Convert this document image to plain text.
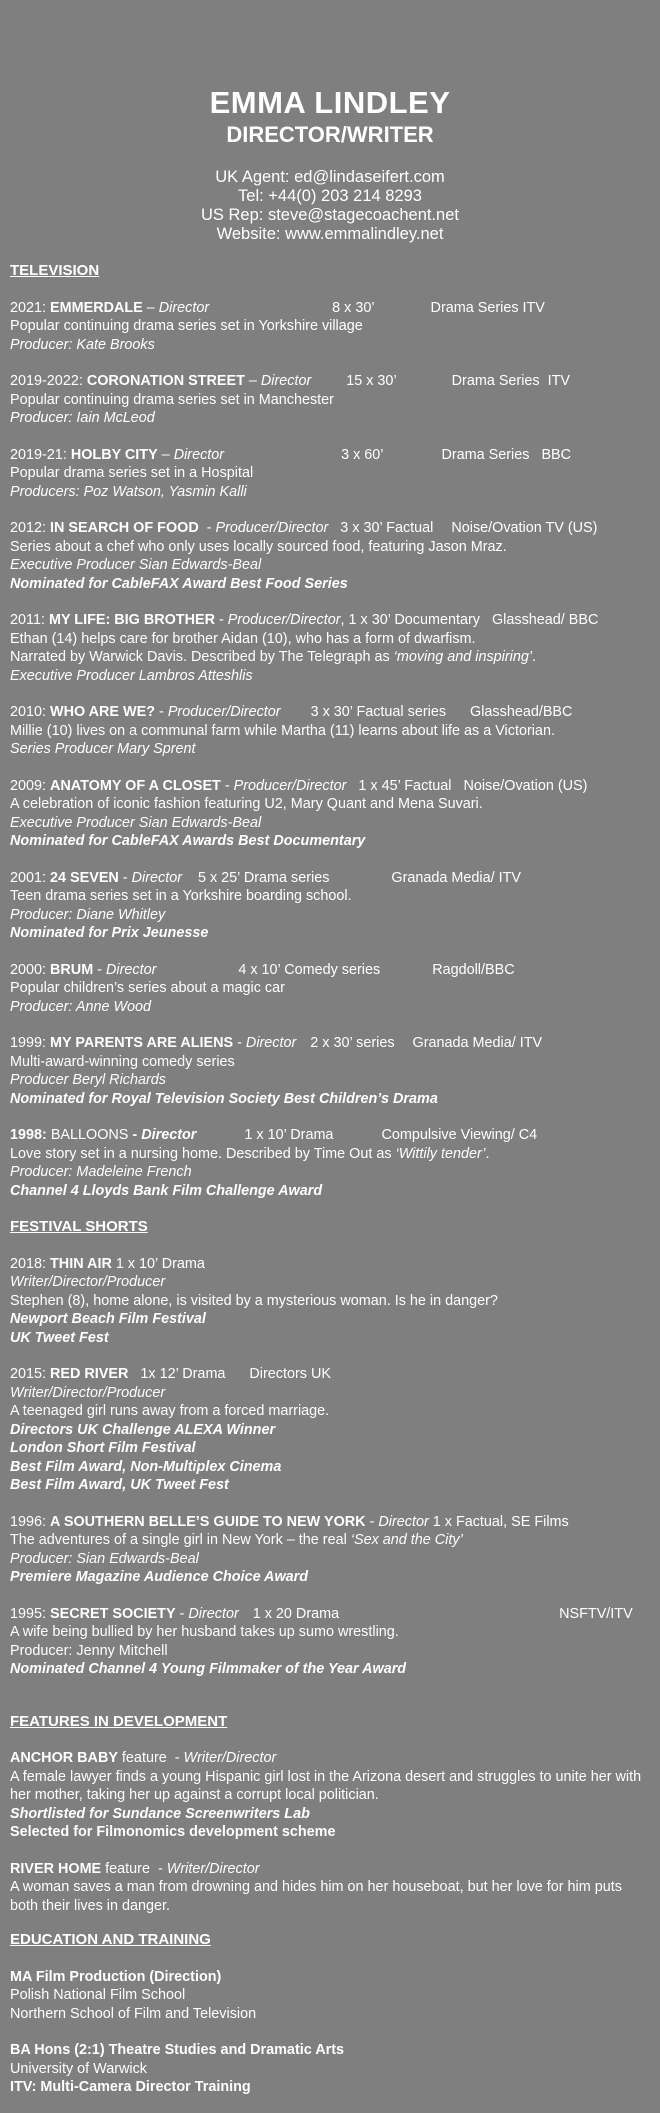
EMMA LINDLEY
DIRECTOR/WRITER
UK Agent: ed@lindaseifert.com
Tel: +44(0) 203 214 8293
US Rep: steve@stagecoachent.net
Website: www.emmalindley.net
TELEVISION
2021: EMMERDALE – Director	8 x 30’	Drama Series ITV
Popular continuing drama series set in Yorkshire village
Producer: Kate Brooks
2019-2022: CORONATION STREET – Director 15 x 30’	Drama Series  ITV
Popular continuing drama series set in Manchester
Producer: Iain McLeod
2019-21: HOLBY CITY – Director	3 x 60’	Drama Series   BBC
Popular drama series set in a Hospital
Producers: Poz Watson, Yasmin Kalli
2012: IN SEARCH OF FOOD  - Producer/Director 3 x 30’ Factual Noise/Ovation TV (US)
Series about a chef who only uses locally sourced food, featuring Jason Mraz.
Executive Producer Sian Edwards-Beal
Nominated for CableFAX Award Best Food Series
2011: MY LIFE: BIG BROTHER - Producer/Director, 1 x 30’ Documentary Glasshead/ BBC
Ethan (14) helps care for brother Aidan (10), who has a form of dwarfism.
Narrated by Warwick Davis. Described by The Telegraph as ‘moving and inspiring’.
Executive Producer Lambros Atteshlis
2010: WHO ARE WE? - Producer/Director 3 x 30’ Factual series Glasshead/BBC
Millie (10) lives on a communal farm while Martha (11) learns about life as a Victorian.
Series Producer Mary Sprent
2009: ANATOMY OF A CLOSET - Producer/Director 1 x 45’ Factual Noise/Ovation (US)
A celebration of iconic fashion featuring U2, Mary Quant and Mena Suvari.
Executive Producer Sian Edwards-Beal
Nominated for CableFAX Awards Best Documentary
2001: 24 SEVEN - Director 5 x 25’ Drama series	Granada Media/ ITV
Teen drama series set in a Yorkshire boarding school.
Producer: Diane Whitley
Nominated for Prix Jeunesse
2000: BRUM - Director	4 x 10’ Comedy series	Ragdoll/BBC
Popular children’s series about a magic car
Producer: Anne Wood
1999: MY PARENTS ARE ALIENS - Director 2 x 30’ series Granada Media/ ITV
Multi-award-winning comedy series
Producer Beryl Richards
Nominated for Royal Television Society Best Children’s Drama
1998: BALLOONS - Director	1 x 10’ Drama	Compulsive Viewing/ C4
Love story set in a nursing home. Described by Time Out as ‘Wittily tender’.
Producer: Madeleine French
Channel 4 Lloyds Bank Film Challenge Award
FESTIVAL SHORTS
2018: THIN AIR 1 x 10’ Drama
Writer/Director/Producer
Stephen (8), home alone, is visited by a mysterious woman. Is he in danger?
Newport Beach Film Festival
UK Tweet Fest
2015: RED RIVER   1x 12’ Drama      Directors UK
Writer/Director/Producer
A teenaged girl runs away from a forced marriage.
Directors UK Challenge ALEXA Winner
London Short Film Festival
Best Film Award, Non-Multiplex Cinema
Best Film Award, UK Tweet Fest
1996: A SOUTHERN BELLE’S GUIDE TO NEW YORK - Director 1 x Factual, SE Films
The adventures of a single girl in New York – the real ‘Sex and the City’
Producer: Sian Edwards-Beal
Premiere Magazine Audience Choice Award
1995: SECRET SOCIETY - Director 1 x 20 Drama	NSFTV/ITV
A wife being bullied by her husband takes up sumo wrestling.
Producer: Jenny Mitchell
Nominated Channel 4 Young Filmmaker of the Year Award
FEATURES IN DEVELOPMENT
ANCHOR BABY feature  - Writer/Director
A female lawyer finds a young Hispanic girl lost in the Arizona desert and struggles to unite her with her mother, taking her up against a corrupt local politician.
Shortlisted for Sundance Screenwriters Lab
Selected for Filmonomics development scheme
RIVER HOME feature  - Writer/Director
A woman saves a man from drowning and hides him on her houseboat, but her love for him puts both their lives in danger.
EDUCATION AND TRAINING
MA Film Production (Direction)
Polish National Film School
Northern School of Film and Television
BA Hons (2:1) Theatre Studies and Dramatic Arts
University of Warwick
ITV: Multi-Camera Director Training
